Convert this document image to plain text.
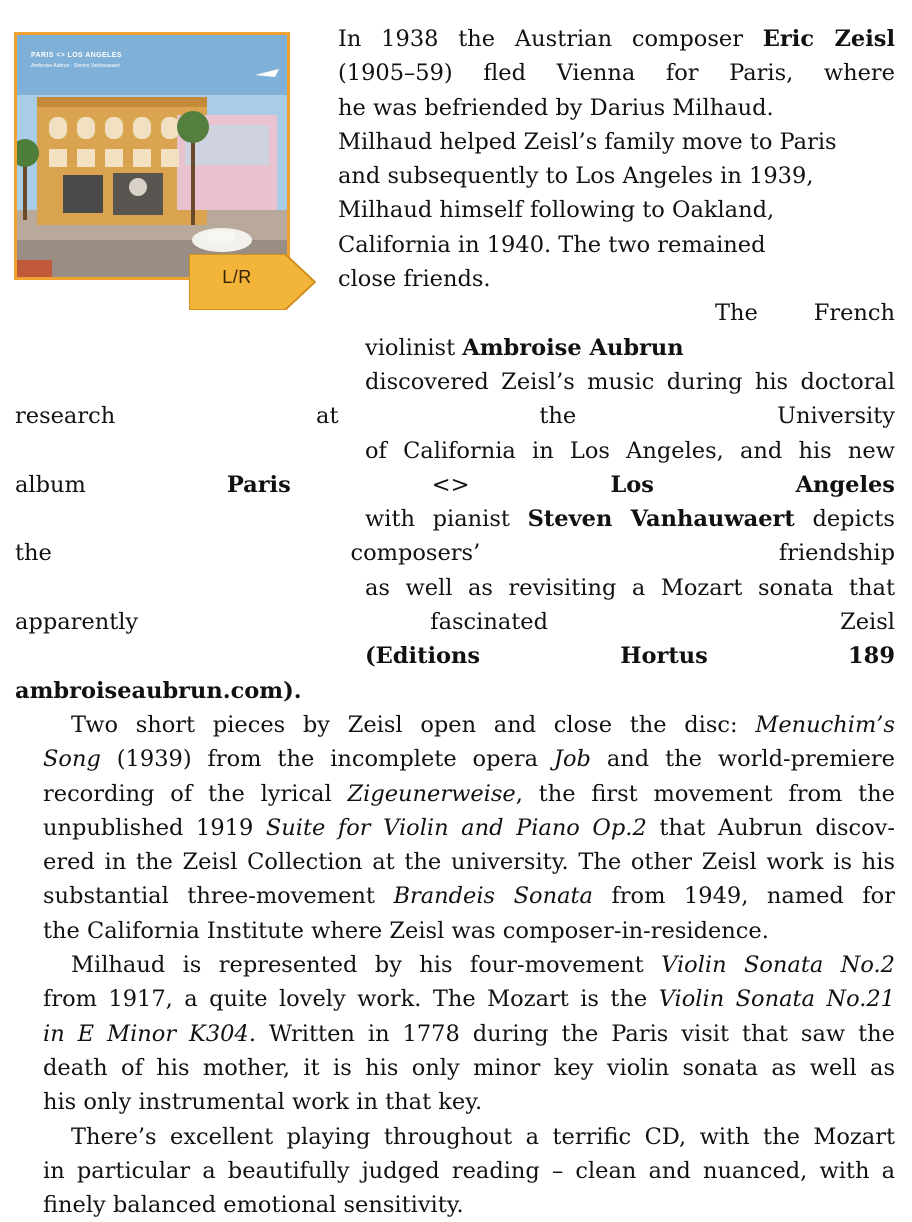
PARIS <> LOS ANGELES
Ambroise Aubrun · Steven Vanhauwaert
L/R

In 1938 the Austrian composer Eric Zeisl
(1905–59) fled Vienna for Paris, where
he was befriended by Darius Milhaud.
Milhaud helped Zeisl’s family move to Paris
and subsequently to Los Angeles in 1939,
Milhaud himself following to Oakland,
California in 1940. The two remained
close friends.

The French violinist Ambroise Aubrun
discovered Zeisl’s music during his doctoral research at the University
of California in Los Angeles, and his new album Paris <> Los Angeles
with pianist Steven Vanhauwaert depicts the composers’ friendship
as well as revisiting a Mozart sonata that apparently fascinated Zeisl
(Editions Hortus 189 ambroiseaubrun.com).

Two short pieces by Zeisl open and close the disc: Menuchim’s
Song (1939) from the incomplete opera Job and the world-premiere
recording of the lyrical Zigeunerweise, the first movement from the
unpublished 1919 Suite for Violin and Piano Op.2 that Aubrun discov-
ered in the Zeisl Collection at the university. The other Zeisl work is his
substantial three-movement Brandeis Sonata from 1949, named for
the California Institute where Zeisl was composer-in-residence.

Milhaud is represented by his four-movement Violin Sonata No.2
from 1917, a quite lovely work. The Mozart is the Violin Sonata No.21
in E Minor K304. Written in 1778 during the Paris visit that saw the
death of his mother, it is his only minor key violin sonata as well as
his only instrumental work in that key.

There’s excellent playing throughout a terrific CD, with the Mozart
in particular a beautifully judged reading – clean and nuanced, with a
finely balanced emotional sensitivity.
